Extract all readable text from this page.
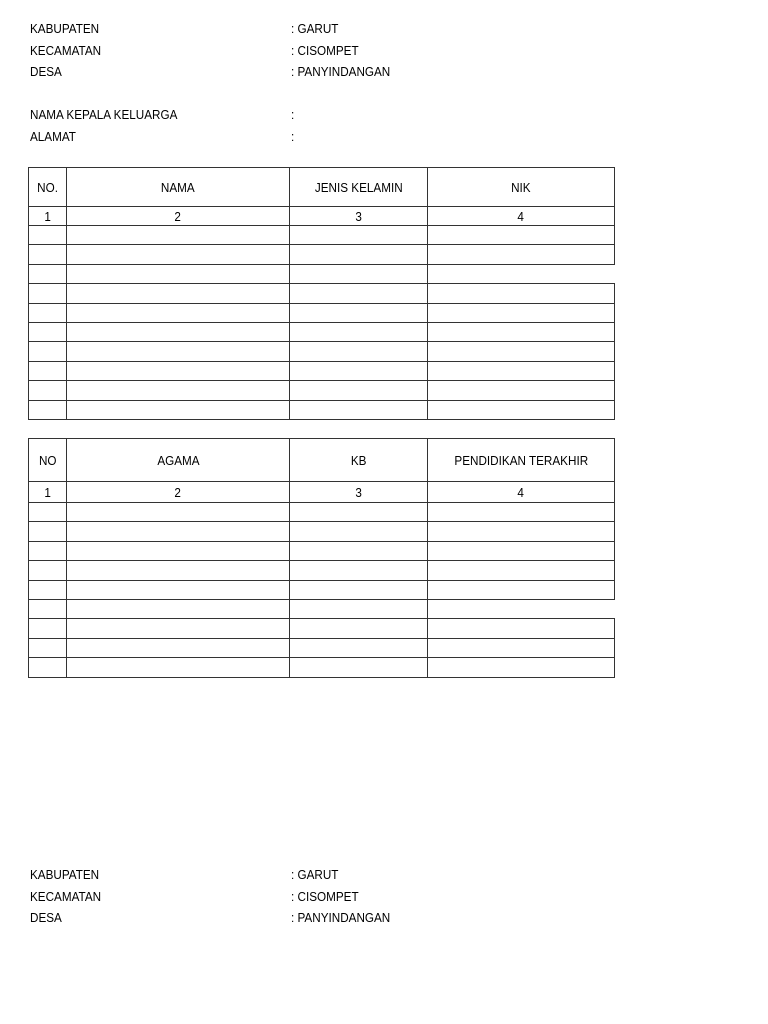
KABUPATEN	: GARUT
KECAMATAN	: CISOMPET
DESA	: PANYINDANGAN
NAMA KEPALA KELUARGA	:
ALAMAT	:
NO.	NAMA	JENIS KELAMIN	NIK
1	2	3	4

NO	AGAMA	KB	PENDIDIKAN TERAKHIR
1	2	3	4

KABUPATEN	: GARUT
KECAMATAN	: CISOMPET
DESA	: PANYINDANGAN
